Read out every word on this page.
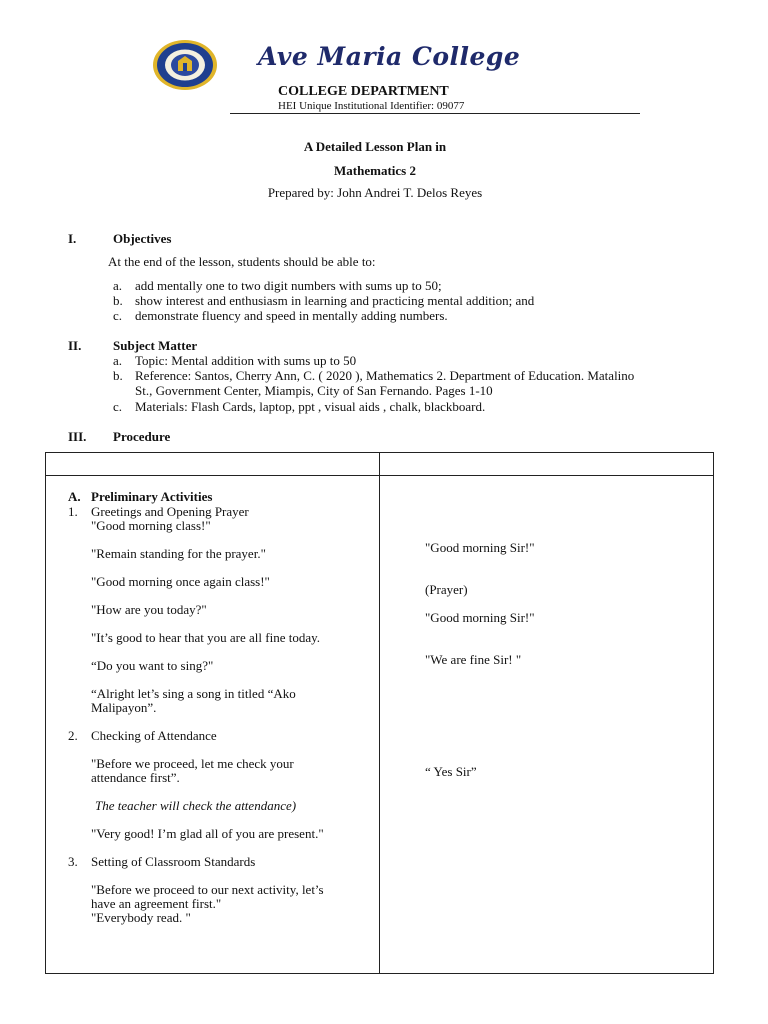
Ave Maria College
COLLEGE DEPARTMENT
HEI Unique Institutional Identifier: 09077
A Detailed Lesson Plan in
Mathematics 2
Prepared by: John Andrei T. Delos Reyes
I.	Objectives
At the end of the lesson, students should be able to:
a. add mentally one to two digit numbers with sums up to 50;
b. show interest and enthusiasm in learning and practicing mental addition; and
c. demonstrate fluency and speed in mentally adding numbers.
II. Subject Matter
a. Topic: Mental addition with sums up to 50
b. Reference: Santos, Cherry Ann, C. ( 2020 ), Mathematics 2. Department of Education. Matalino
St., Government Center, Miampis, City of San Fernando. Pages 1-10
c. Materials: Flash Cards, laptop, ppt , visual aids , chalk, blackboard.
III. Procedure
A. Preliminary Activities
1. Greetings and Opening Prayer
"Good morning class!"
"Remain standing for the prayer."
"Good morning once again class!"
"How are you today?"
"It’s good to hear that you are all fine today.
“Do you want to sing?"
“Alright let’s sing a song in titled “Ako
Malipayon”.
2. Checking of Attendance
"Before we proceed, let me check your
attendance first”.
The teacher will check the attendance)
"Very good! I’m glad all of you are present."
3. Setting of Classroom Standards
"Before we proceed to our next activity, let’s
have an agreement first."
"Everybody read. "
"Good morning Sir!"
(Prayer)
"Good morning Sir!"
"We are fine Sir! "
“ Yes Sir”
